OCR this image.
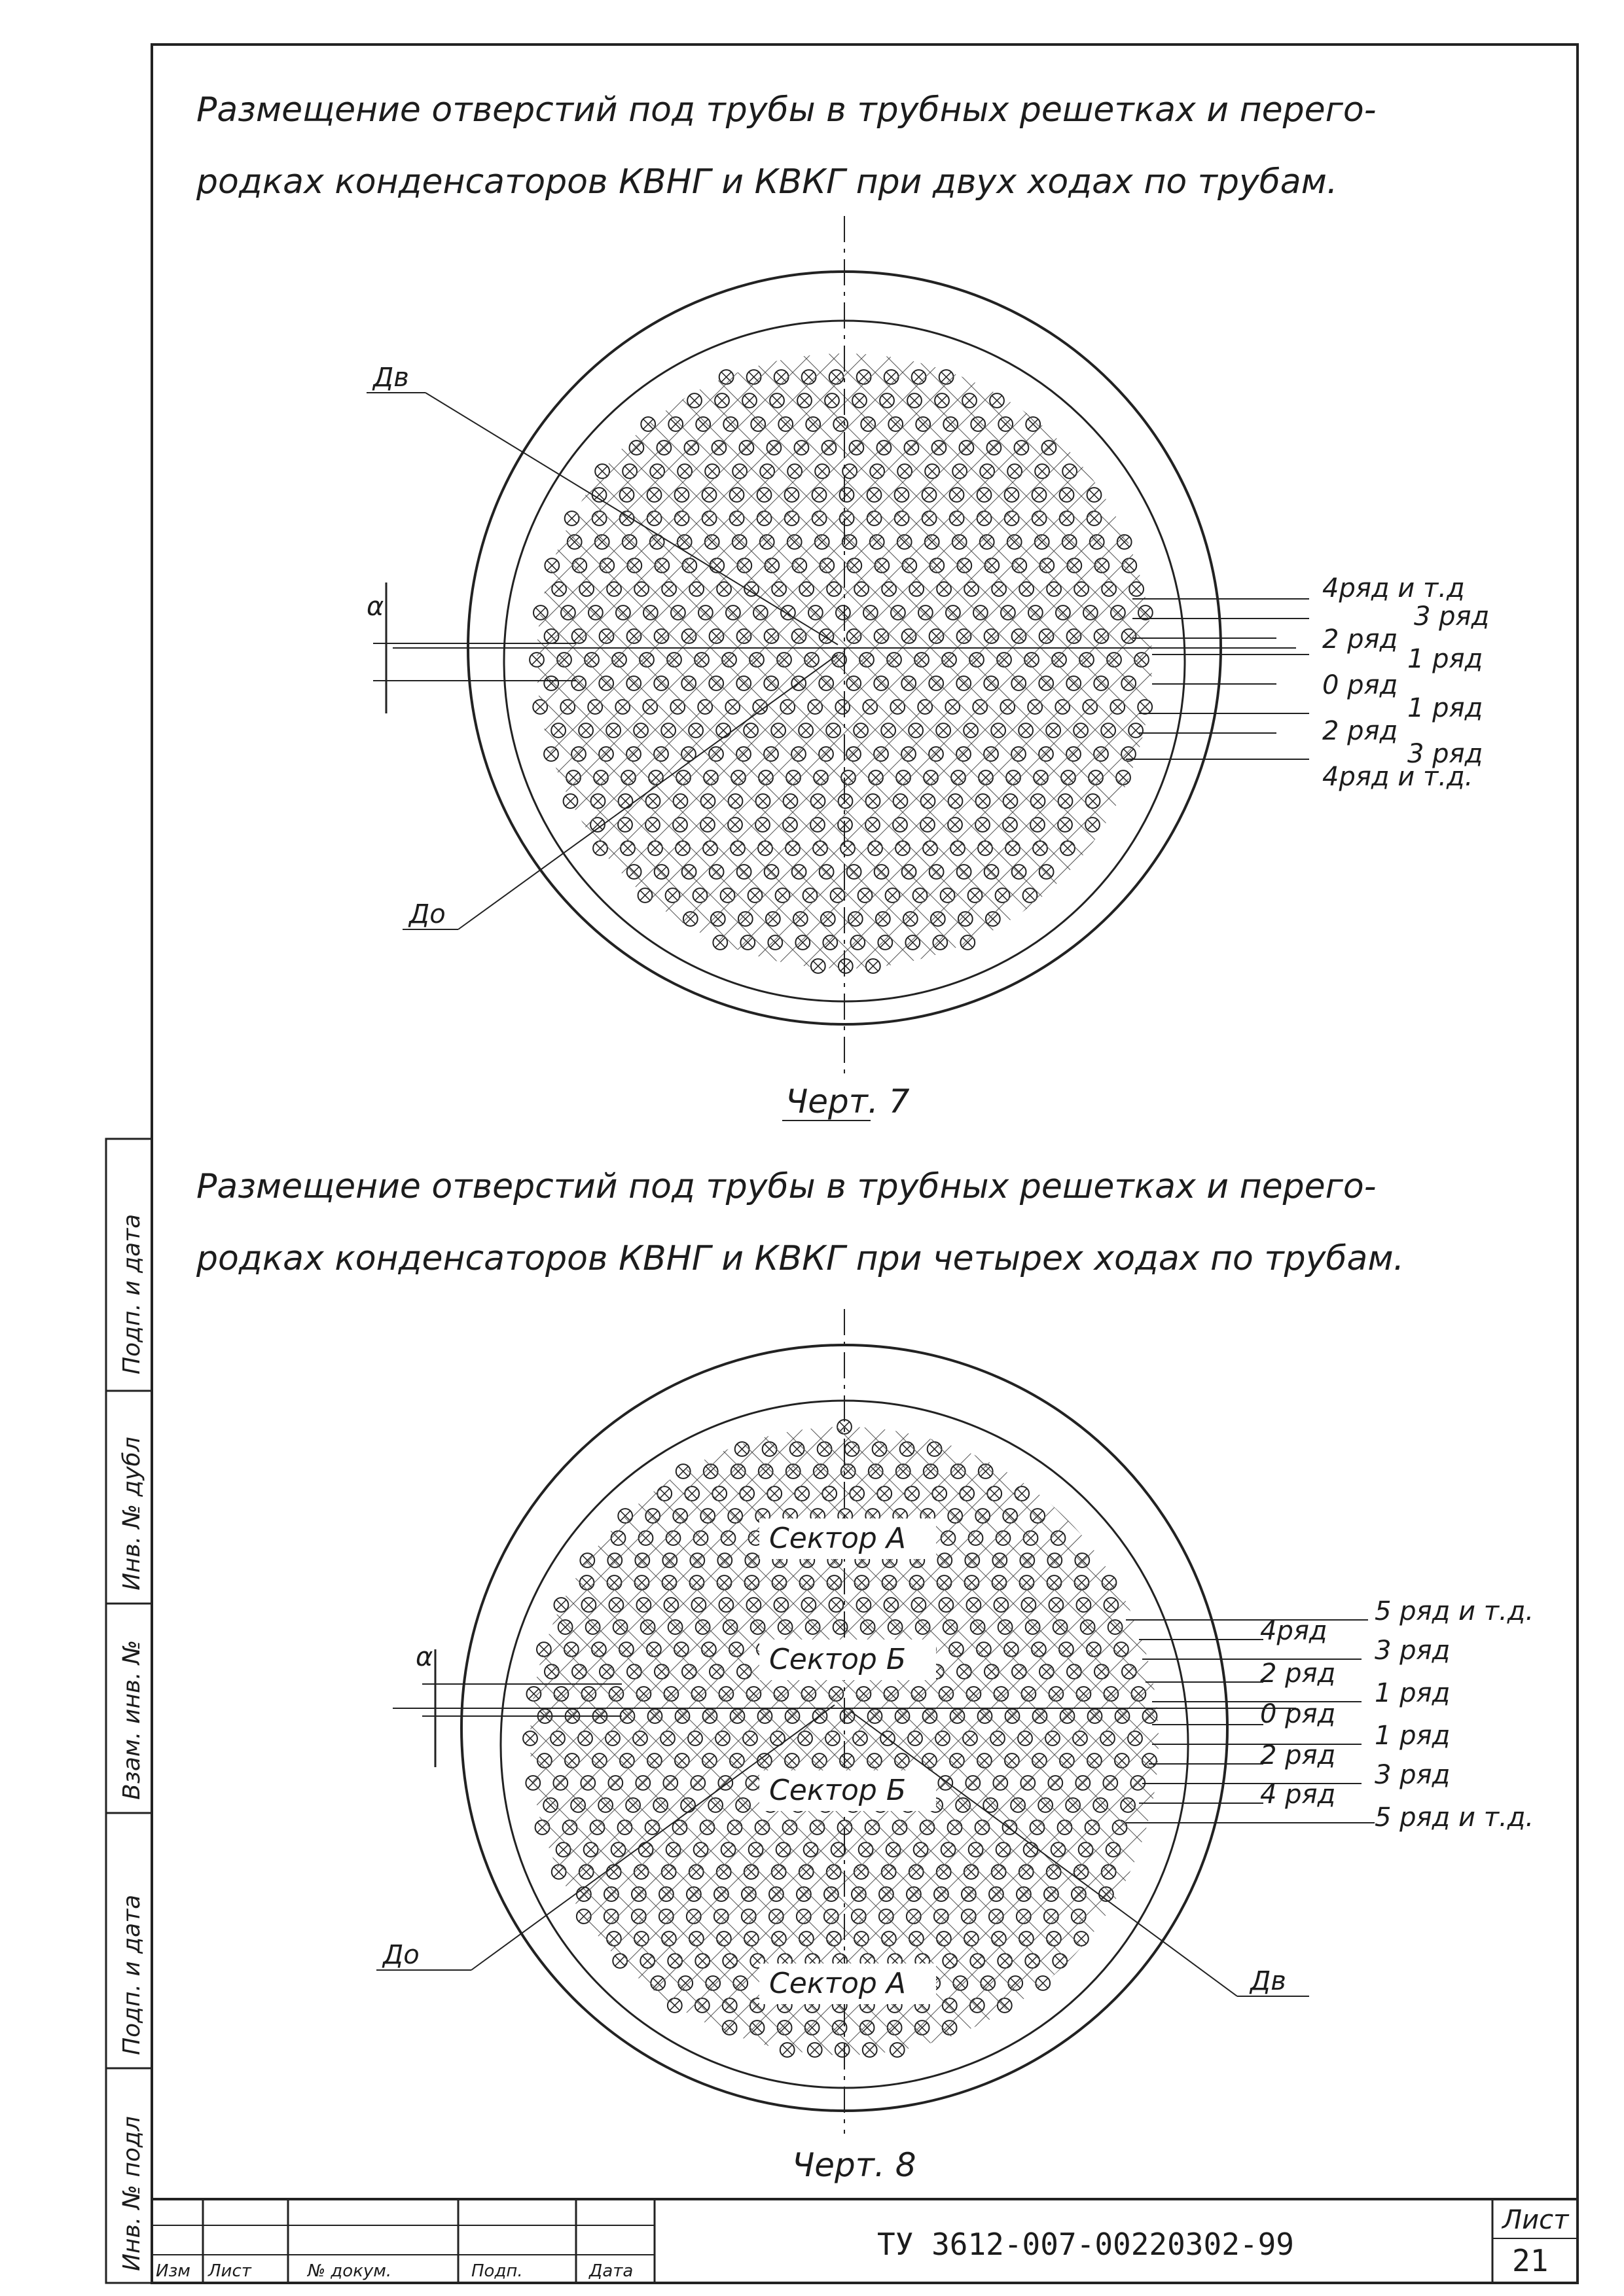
Инв. № подл
Подп. и дата
Взам. инв. №
Инв. № дубл
Подп. и дата
Размещение отверстий под трубы в трубных решетках и перего-
родках конденсаторов КВНГ и КВКГ при двух ходах по трубам.
α
Дв
До
4ряд и т.д
3 ряд
2 ряд
1 ряд
0 ряд
1 ряд
2 ряд
3 ряд
4ряд и т.д.
Черт. 7
Размещение отверстий под трубы в трубных решетках и перего-
родках конденсаторов КВНГ и КВКГ при четырех ходах по трубам.
Сектор А
Сектор Б
Сектор Б
Сектор А
α
До
Дв
5 ряд и т.д.
4ряд
3 ряд
2 ряд
1 ряд
0 ряд
1 ряд
2 ряд
3 ряд
4 ряд
5 ряд и т.д.
Черт. 8
Изм Лист	№ докум.	Подп.	Дата
ТУ 3612-007-00220302-99
Лист
21
